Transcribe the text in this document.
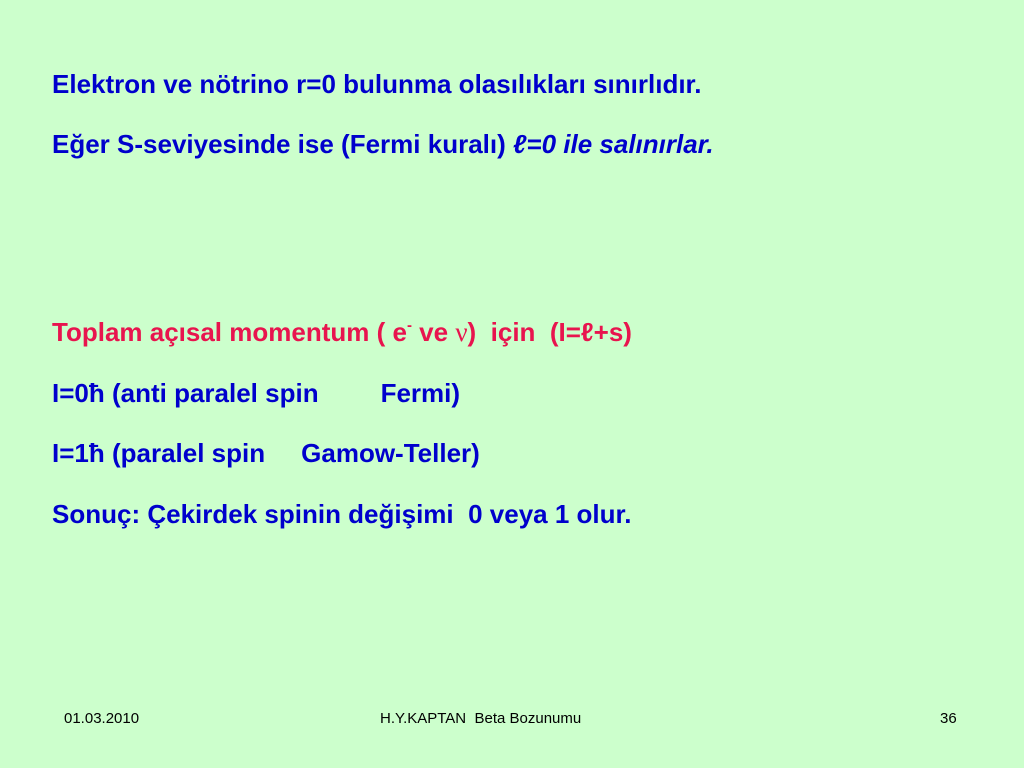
Elektron ve nötrino r=0 bulunma olasılıkları sınırlıdır.
Eğer S-seviyesinde ise (Fermi kuralı) ℓ=0 ile salınırlar.
Toplam açısal momentum ( e- ve ν)  için  (I=ℓ+s)
I=0ħ (anti paralel spin Fermi)
I=1ħ (paralel spin Gamow-Teller)
Sonuç: Çekirdek spinin değişimi  0 veya 1 olur.
01.03.2010	H.Y.KAPTAN  Beta Bozunumu	36
